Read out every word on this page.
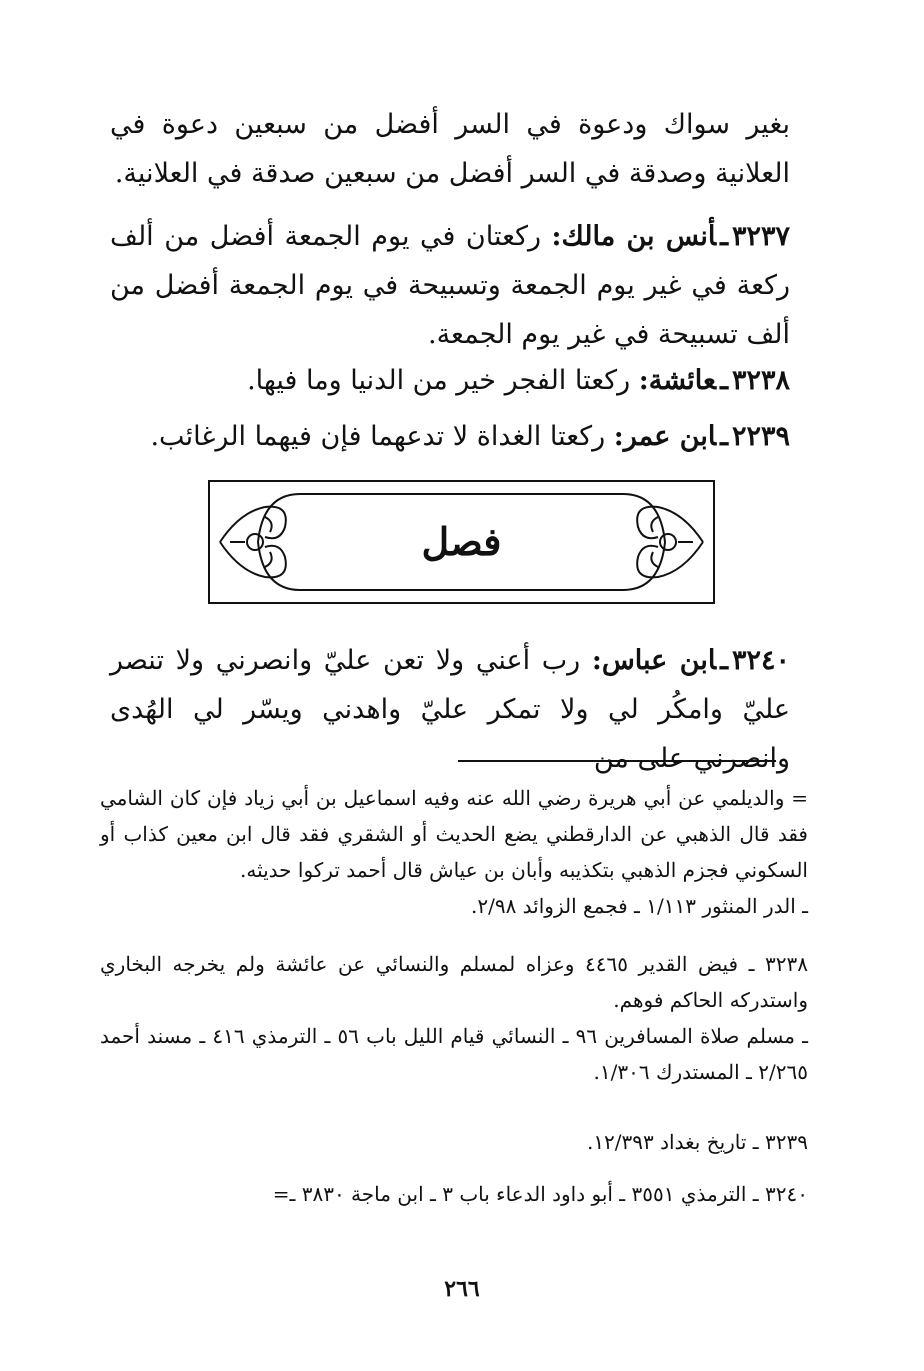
بغير سواك ودعوة في السر أفضل من سبعين دعوة في العلانية وصدقة في السر أفضل من سبعين صدقة في العلانية.
٣٢٣٧ـأنس بن مالك: ركعتان في يوم الجمعة أفضل من ألف ركعة في غير يوم الجمعة وتسبيحة في يوم الجمعة أفضل من ألف تسبيحة في غير يوم الجمعة.
٣٢٣٨ـعائشة: ركعتا الفجر خير من الدنيا وما فيها.
٢٢٣٩ـابن عمر: ركعتا الغداة لا تدعهما فإن فيهما الرغائب.
فصل
٣٢٤٠ـابن عباس: رب أعني ولا تعن عليّ وانصرني ولا تنصر عليّ وامكُر لي ولا تمكر عليّ واهدني ويسّر لي الهُدى وانصرني على من

= والديلمي عن أبي هريرة رضي الله عنه وفيه اسماعيل بن أبي زياد فإن كان الشامي فقد قال الذهبي عن الدارقطني يضع الحديث أو الشقري فقد قال ابن معين كذاب أو السكوني فجزم الذهبي بتكذيبه وأبان بن عياش قال أحمد تركوا حديثه.

ـ الدر المنثور ١/١١٣ ـ فجمع الزوائد ٢/٩٨.

٣٢٣٨ ـ فيض القدير ٤٤٦٥ وعزاه لمسلم والنسائي عن عائشة ولم يخرجه البخاري واستدركه الحاكم فوهم.

ـ مسلم صلاة المسافرين ٩٦ ـ النسائي قيام الليل باب ٥٦ ـ الترمذي ٤١٦ ـ مسند أحمد ٢/٢٦٥ ـ المستدرك ١/٣٠٦.

٣٢٣٩ ـ تاريخ بغداد ١٢/٣٩٣.

٣٢٤٠ ـ الترمذي ٣٥٥١ ـ أبو داود الدعاء باب ٣ ـ ابن ماجة ٣٨٣٠ ـ=

٢٦٦
